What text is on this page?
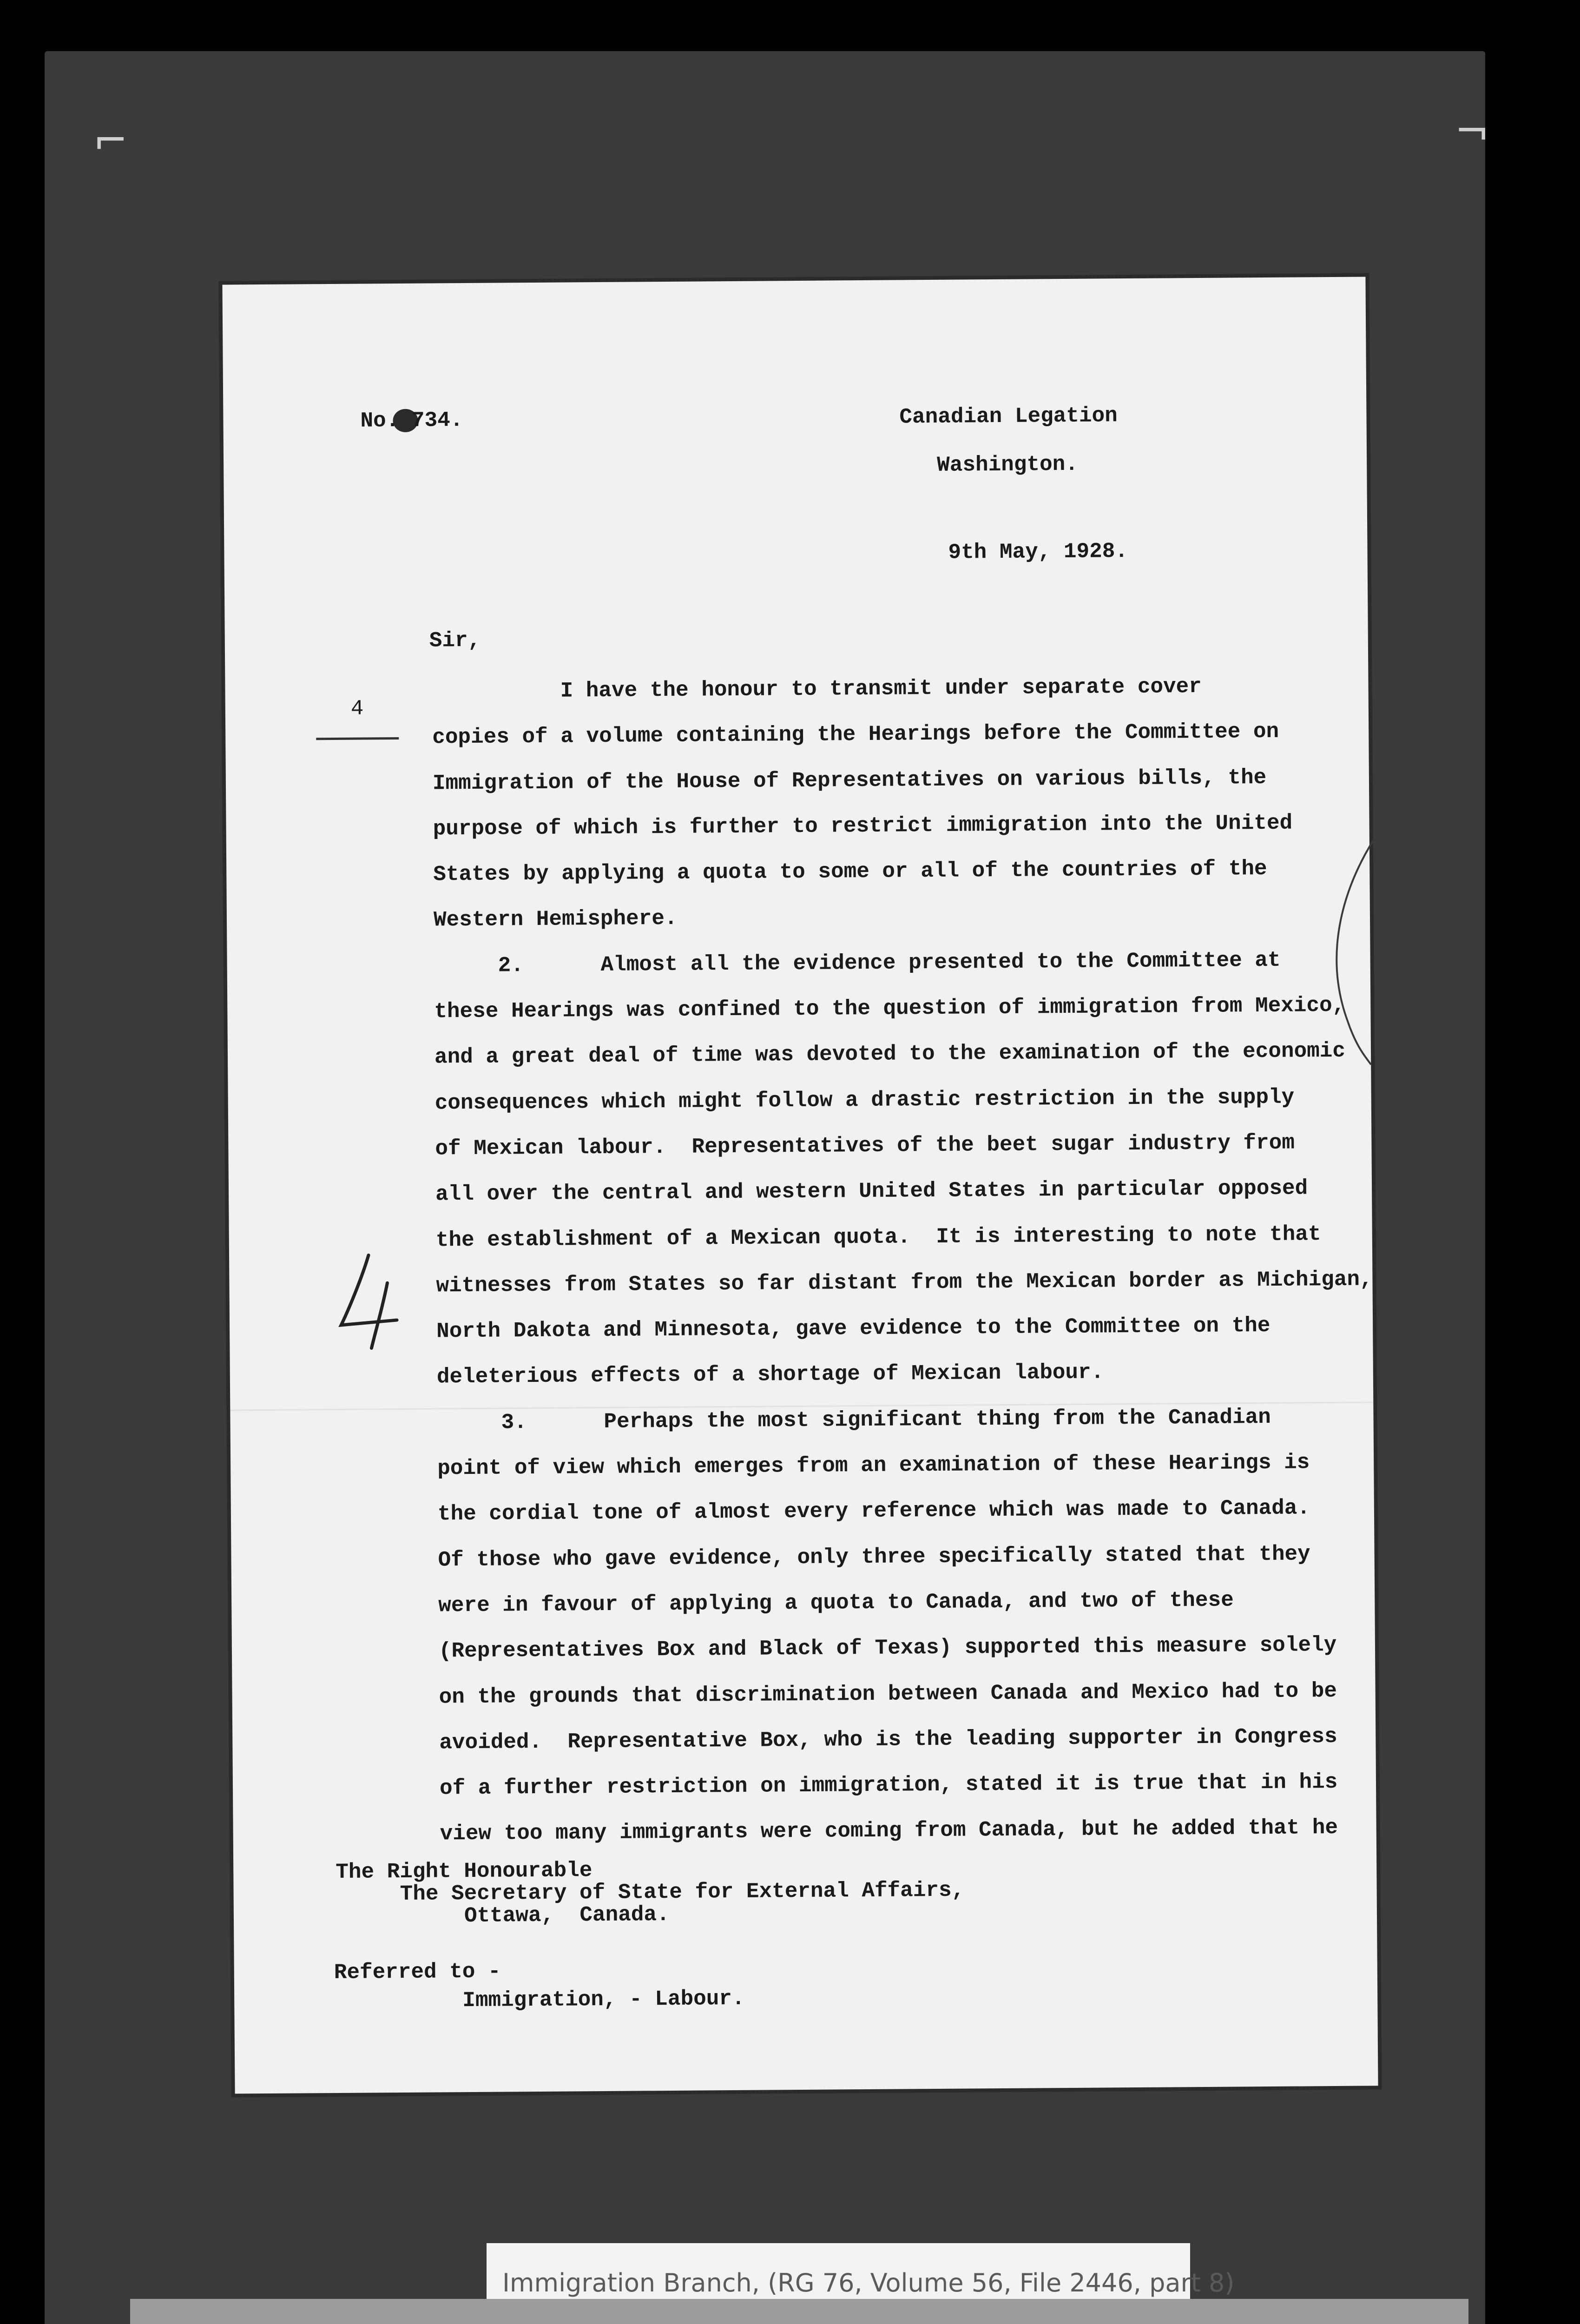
⌐	¬
No. 734.	Canadian Legation
Washington.
9th May, 1928.
Sir,
4
I have the honour to transmit under separate cover
copies of a volume containing the Hearings before the Committee on
Immigration of the House of Representatives on various bills, the
purpose of which is further to restrict immigration into the United
States by applying a quota to some or all of the countries of the
Western Hemisphere.
2.      Almost all the evidence presented to the Committee at
these Hearings was confined to the question of immigration from Mexico,
and a great deal of time was devoted to the examination of the economic
consequences which might follow a drastic restriction in the supply
of Mexican labour.  Representatives of the beet sugar industry from
all over the central and western United States in particular opposed
the establishment of a Mexican quota.  It is interesting to note that
witnesses from States so far distant from the Mexican border as Michigan,
North Dakota and Minnesota, gave evidence to the Committee on the
deleterious effects of a shortage of Mexican labour.
3.      Perhaps the most significant thing from the Canadian
point of view which emerges from an examination of these Hearings is
the cordial tone of almost every reference which was made to Canada.
Of those who gave evidence, only three specifically stated that they
were in favour of applying a quota to Canada, and two of these
(Representatives Box and Black of Texas) supported this measure solely
on the grounds that discrimination between Canada and Mexico had to be
avoided.  Representative Box, who is the leading supporter in Congress
of a further restriction on immigration, stated it is true that in his
view too many immigrants were coming from Canada, but he added that he
The Right Honourable
The Secretary of State for External Affairs,
Ottawa,  Canada.
Referred to -
Immigration, - Labour.
Immigration Branch, (RG 76, Volume 56, File 2446, part 8)
